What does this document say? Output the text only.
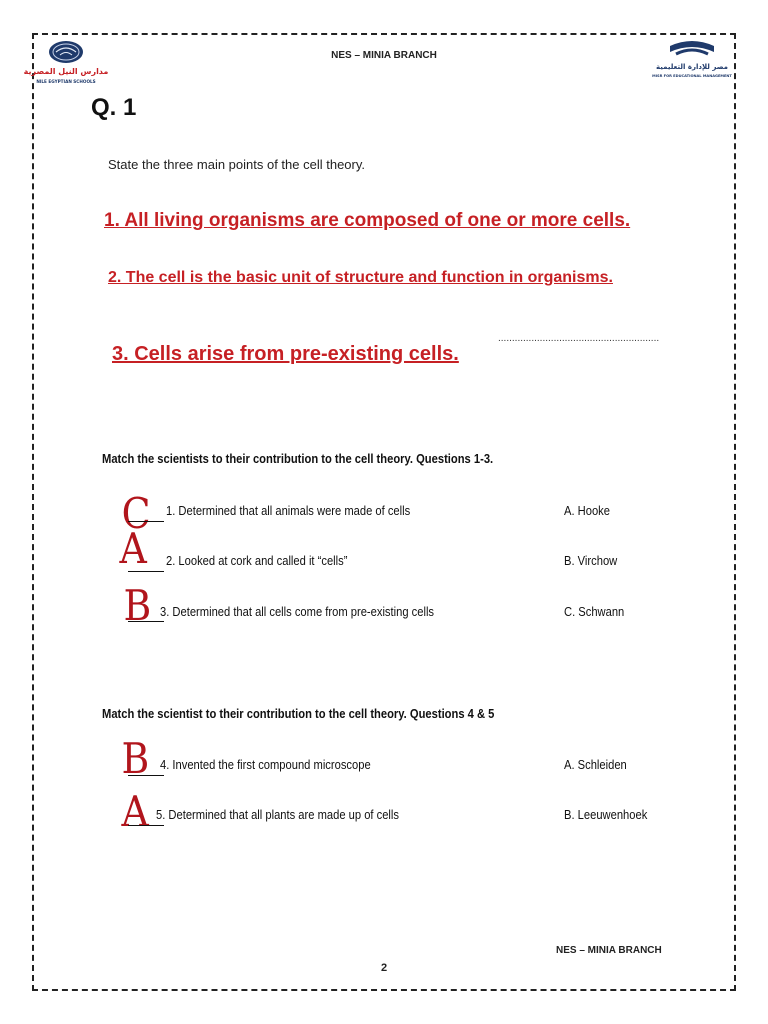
مدارس النيل المصرية
NILE EGYPTIAN SCHOOLS
مصر للإدارة التعليمية
MISR FOR EDUCATIONAL MANAGEMENT
NES – MINIA BRANCH
Q. 1
State the three main points of the cell theory.
1. All living organisms are composed of one or more cells.
2. The cell is the basic unit of structure and function in organisms.
..........................................................
3. Cells arise from pre-existing cells.
Match the scientists to their contribution to the cell theory. Questions 1-3.
C 1. Determined that all animals were made of cells	A. Hooke
A 2. Looked at cork and called it “cells”	B. Virchow
B 3. Determined that all cells come from pre-existing cells	C. Schwann
Match the scientist to their contribution to the cell theory. Questions 4 & 5
B 4. Invented the first compound microscope	A. Schleiden
A 5. Determined that all plants are made up of cells	B. Leeuwenhoek
NES – MINIA BRANCH
2
